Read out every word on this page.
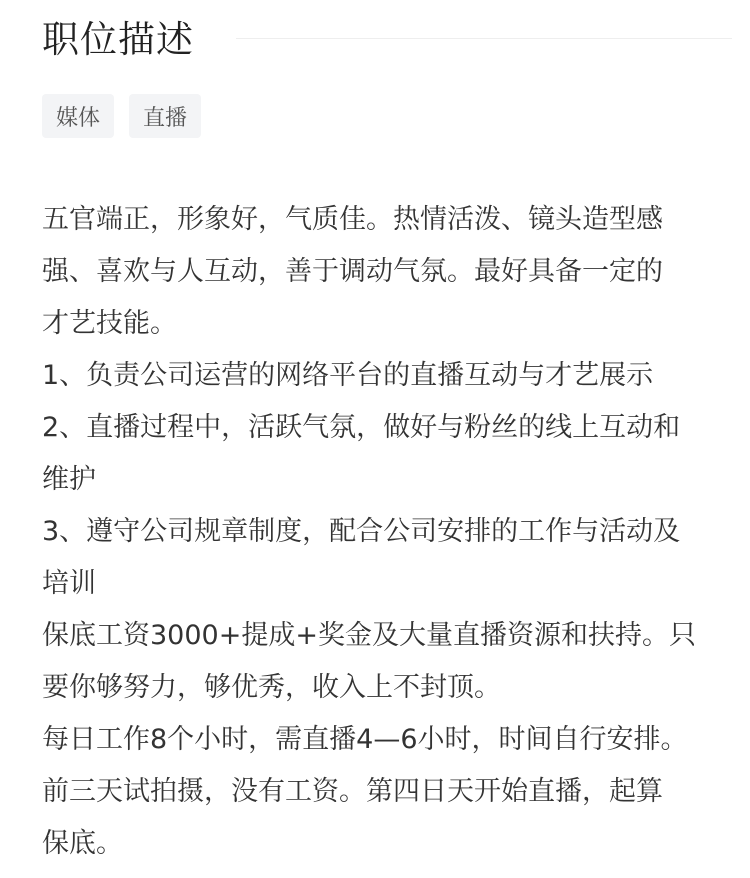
职位描述
媒体	直播
五官端正，形象好，气质佳。热情活泼、镜头造型感
强、喜欢与人互动，善于调动气氛。最好具备一定的
才艺技能。
1、负责公司运营的网络平台的直播互动与才艺展示
2、直播过程中，活跃气氛，做好与粉丝的线上互动和
维护
3、遵守公司规章制度，配合公司安排的工作与活动及
培训
保底工资3000+提成+奖金及大量直播资源和扶持。只
要你够努力，够优秀，收入上不封顶。
每日工作8个小时，需直播4—6小时，时间自行安排。
前三天试拍摄，没有工资。第四日天开始直播，起算
保底。
